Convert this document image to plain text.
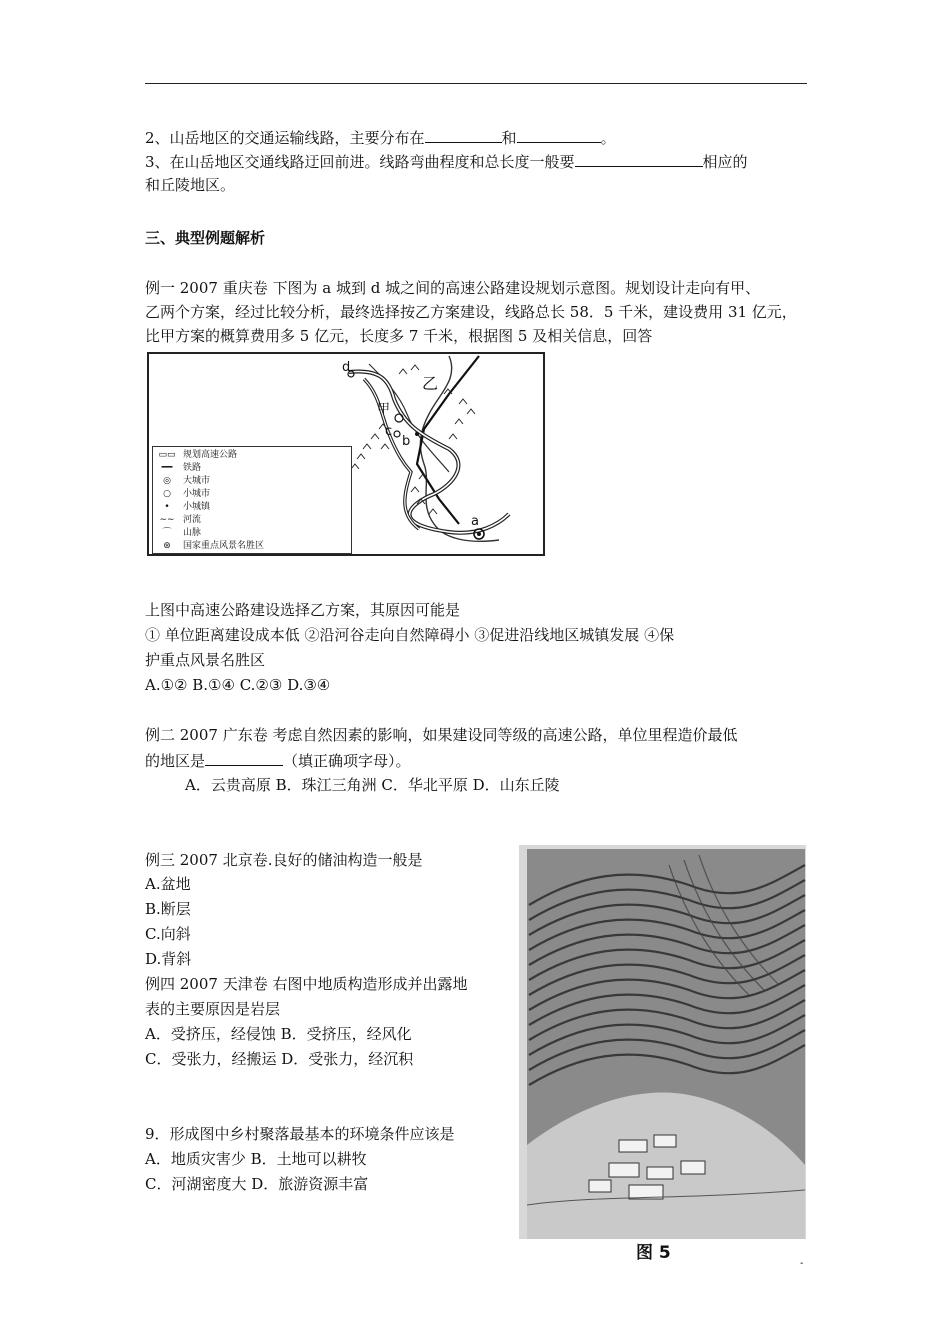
2、山岳地区的交通运输线路，主要分布在	和	。
3、在山岳地区交通线路迂回前进。线路弯曲程度和总长度一般要	相应的
和丘陵地区。
三、典型例题解析
例一 2007 重庆卷 下图为 a 城到 d 城之间的高速公路建设规划示意图。规划设计走向有甲、
乙两个方案，经过比较分析，最终选择按乙方案建设，线路总长 58．5 千米，建设费用 31 亿元，
比甲方案的概算费用多 5 亿元，长度多 7 千米，根据图 5 及相关信息，回答
d
乙
甲
c
b
a
▭▭ 规划高速公路
━━ 铁路
◎ 大城市
○ 小城市
• 小城镇
∼∼ 河流
⌒ 山脉
⊛ 国家重点风景名胜区
上图中高速公路建设选择乙方案，其原因可能是
① 单位距离建设成本低 ②沿河谷走向自然障碍小 ③促进沿线地区城镇发展 ④保
护重点风景名胜区
A.①② B.①④ C.②③ D.③④
例二 2007 广东卷 考虑自然因素的影响，如果建设同等级的高速公路，单位里程造价最低
的地区是	（填正确项字母）。
A．云贵高原 B．珠江三角洲 C．华北平原 D．山东丘陵
例三 2007 北京卷.良好的储油构造一般是
A.盆地
B.断层
C.向斜
D.背斜
例四 2007 天津卷 右图中地质构造形成并出露地
表的主要原因是岩层
A．受挤压，经侵蚀 B．受挤压，经风化
C．受张力，经搬运 D．受张力，经沉积
9．形成图中乡村聚落最基本的环境条件应该是
A．地质灾害少 B．土地可以耕牧
C．河湖密度大 D．旅游资源丰富
图 5
-
